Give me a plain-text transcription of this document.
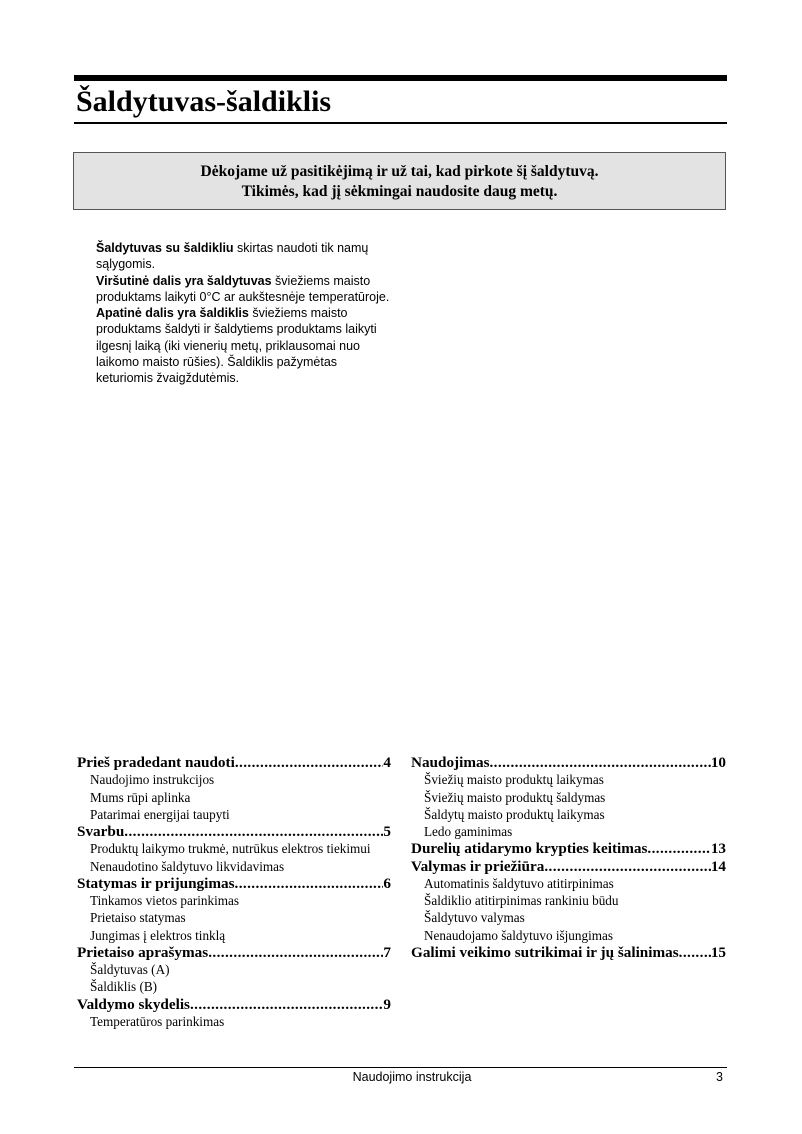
Šaldytuvas-šaldiklis
Dėkojame už pasitikėjimą ir už tai, kad pirkote šį šaldytuvą.
Tikimės, kad jį sėkmingai naudosite daug metų.

Šaldytuvas su šaldikliu skirtas naudoti tik namų sąlygomis.

Viršutinė dalis yra šaldytuvas šviežiems maisto produktams laikyti 0°C ar aukštesnėje temperatūroje.

Apatinė dalis yra šaldiklis šviežiems maisto produktams šaldyti ir šaldytiems produktams laikyti ilgesnį laiką (iki vienerių metų, priklausomai nuo laikomo maisto rūšies). Šaldiklis pažymėtas keturiomis žvaigždutėmis.

Prieš pradedant naudoti .....	4
Naudojimo instrukcijos
Mums rūpi aplinka
Patarimai energijai taupyti
Svarbu .....	5
Produktų laikymo trukmė, nutrūkus elektros tiekimui
Nenaudotino šaldytuvo likvidavimas
Statymas ir prijungimas .....	6
Tinkamos vietos parinkimas
Prietaiso statymas
Jungimas į elektros tinklą
Prietaiso aprašymas .....	7
Šaldytuvas (A)
Šaldiklis (B)
Valdymo skydelis .....	9
Temperatūros parinkimas
Naudojimas .....	10
Šviežių maisto produktų laikymas
Šviežių maisto produktų šaldymas
Šaldytų maisto produktų laikymas
Ledo gaminimas
Durelių atidarymo krypties keitimas .....	13
Valymas ir priežiūra .....	14
Automatinis šaldytuvo atitirpinimas
Šaldiklio atitirpinimas rankiniu būdu
Šaldytuvo valymas
Nenaudojamo šaldytuvo išjungimas
Galimi veikimo sutrikimai ir jų šalinimas ..... 15
Naudojimo instrukcija	3
